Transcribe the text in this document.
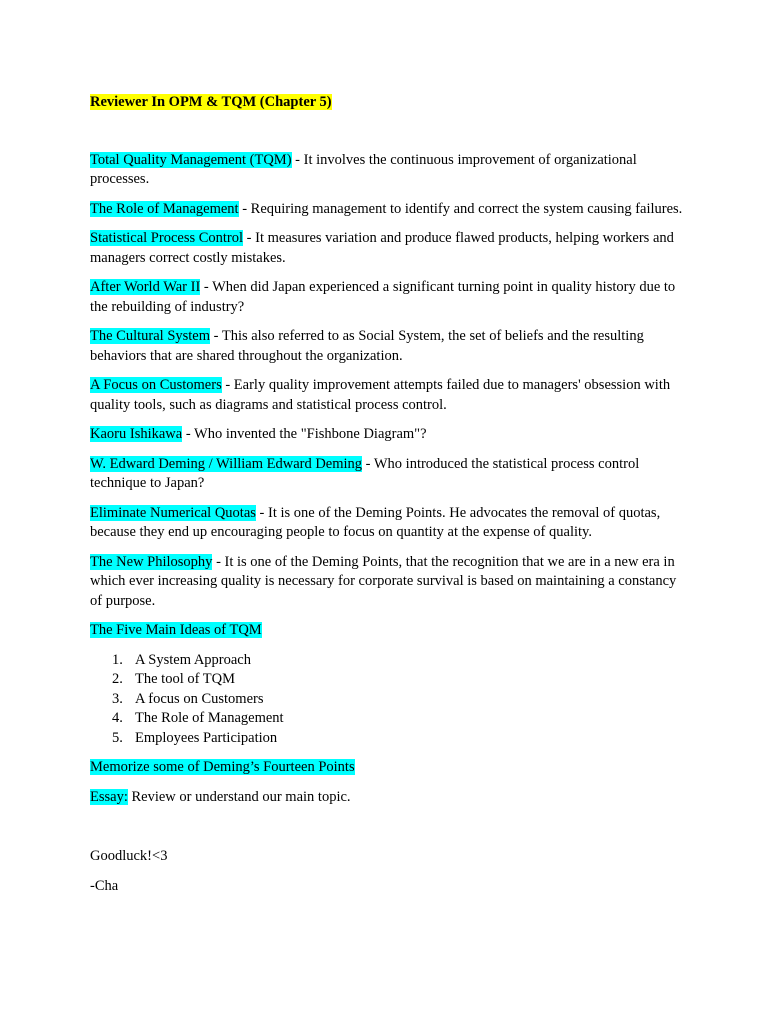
Reviewer In OPM & TQM (Chapter 5)

Total Quality Management (TQM) - It involves the continuous improvement of organizational processes.

The Role of Management - Requiring management to identify and correct the system causing failures.

Statistical Process Control - It measures variation and produce flawed products, helping workers and managers correct costly mistakes.

After World War II - When did Japan experienced a significant turning point in quality history due to the rebuilding of industry?

The Cultural System - This also referred to as Social System, the set of beliefs and the resulting behaviors that are shared throughout the organization.

A Focus on Customers - Early quality improvement attempts failed due to managers' obsession with quality tools, such as diagrams and statistical process control.

Kaoru Ishikawa - Who invented the "Fishbone Diagram"?

W. Edward Deming / William Edward Deming - Who introduced the statistical process control technique to Japan?

Eliminate Numerical Quotas - It is one of the Deming Points. He advocates the removal of quotas, because they end up encouraging people to focus on quantity at the expense of quality.

The New Philosophy - It is one of the Deming Points, that the recognition that we are in a new era in which ever increasing quality is necessary for corporate survival is based on maintaining a constancy of purpose.

The Five Main Ideas of TQM

1. A System Approach
2. The tool of TQM
3. A focus on Customers
4. The Role of Management
5. Employees Participation

Memorize some of Deming’s Fourteen Points

Essay: Review or understand our main topic.

Goodluck!<3

-Cha
